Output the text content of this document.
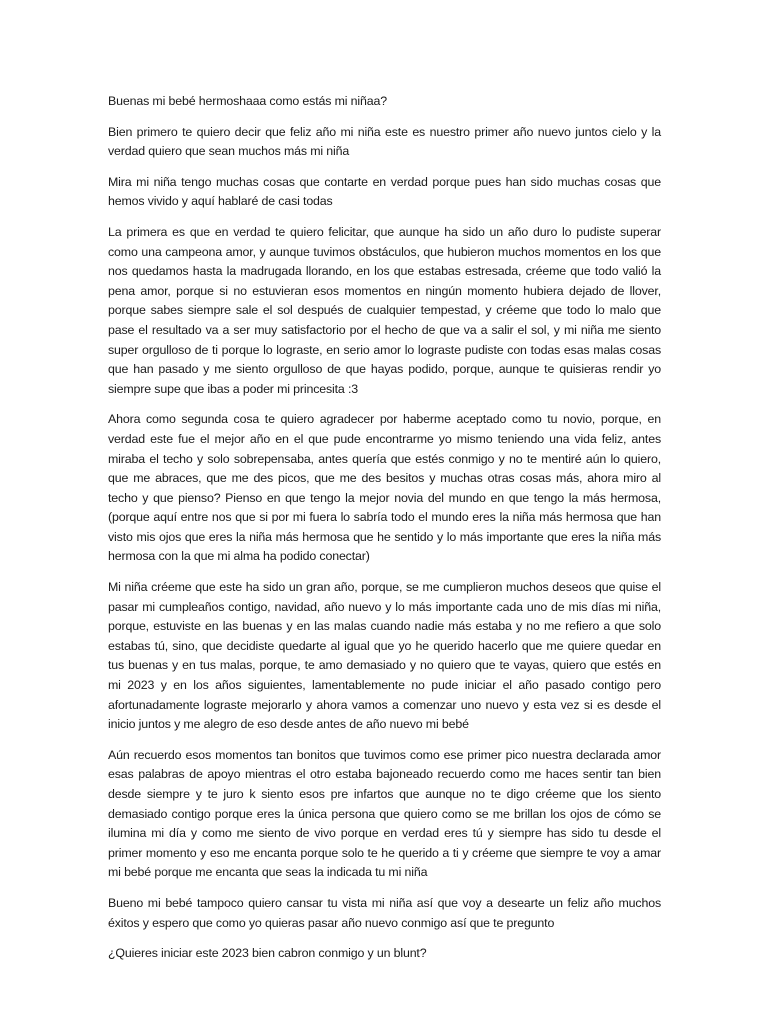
Buenas mi bebé hermoshaaa como estás mi niñaa?

Bien primero te quiero decir que feliz año mi niña este es nuestro primer año nuevo juntos cielo y la verdad quiero que sean muchos más mi niña

Mira mi niña tengo muchas cosas que contarte en verdad porque pues han sido muchas cosas que hemos vivido y aquí hablaré de casi todas

La primera es que en verdad te quiero felicitar, que aunque ha sido un año duro lo pudiste superar como una campeona amor, y aunque tuvimos obstáculos, que hubieron muchos momentos en los que nos quedamos hasta la madrugada llorando, en los que estabas estresada, créeme que todo valió la pena amor, porque si no estuvieran esos momentos en ningún momento hubiera dejado de llover, porque sabes siempre sale el sol después de cualquier tempestad, y créeme que todo lo malo que pase el resultado va a ser muy satisfactorio por el hecho de que va a salir el sol, y mi niña me siento super orgulloso de ti porque lo lograste, en serio amor lo lograste pudiste con todas esas malas cosas que han pasado y me siento orgulloso de que hayas podido, porque, aunque te quisieras rendir yo siempre supe que ibas a poder mi princesita :3

Ahora como segunda cosa te quiero agradecer por haberme aceptado como tu novio, porque, en verdad este fue el mejor año en el que pude encontrarme yo mismo teniendo una vida feliz, antes miraba el techo y solo sobrepensaba, antes quería que estés conmigo y no te mentiré aún lo quiero, que me abraces, que me des picos, que me des besitos y muchas otras cosas más, ahora miro al techo y que pienso? Pienso en que tengo la mejor novia del mundo en que tengo la más hermosa, (porque aquí entre nos que si por mi fuera lo sabría todo el mundo eres la niña más hermosa que han visto mis ojos que eres la niña más hermosa que he sentido y lo más importante que eres la niña más hermosa con la que mi alma ha podido conectar)

Mi niña créeme que este ha sido un gran año, porque, se me cumplieron muchos deseos que quise el pasar mi cumpleaños contigo, navidad, año nuevo y lo más importante cada uno de mis días mi niña, porque, estuviste en las buenas y en las malas cuando nadie más estaba y no me refiero a que solo estabas tú, sino, que decidiste quedarte al igual que yo he querido hacerlo que me quiere quedar en tus buenas y en tus malas, porque, te amo demasiado y no quiero que te vayas, quiero que estés en mi 2023 y en los años siguientes, lamentablemente no pude iniciar el año pasado contigo pero afortunadamente lograste mejorarlo y ahora vamos a comenzar uno nuevo y esta vez si es desde el inicio juntos y me alegro de eso desde antes de año nuevo mi bebé

Aún recuerdo esos momentos tan bonitos que tuvimos como ese primer pico nuestra declarada amor esas palabras de apoyo mientras el otro estaba bajoneado recuerdo como me haces sentir tan bien desde siempre y te juro k siento esos pre infartos que aunque no te digo créeme que los siento demasiado contigo porque eres la única persona que quiero como se me brillan los ojos de cómo se ilumina mi día y como me siento de vivo porque en verdad eres tú y siempre has sido tu desde el primer momento y eso me encanta porque solo te he querido a ti y créeme que siempre te voy a amar mi bebé porque me encanta que seas la indicada tu mi niña

Bueno mi bebé tampoco quiero cansar tu vista mi niña así que voy a desearte un feliz año muchos éxitos y espero que como yo quieras pasar año nuevo conmigo así que te pregunto

¿Quieres iniciar este 2023 bien cabron conmigo y un blunt?
